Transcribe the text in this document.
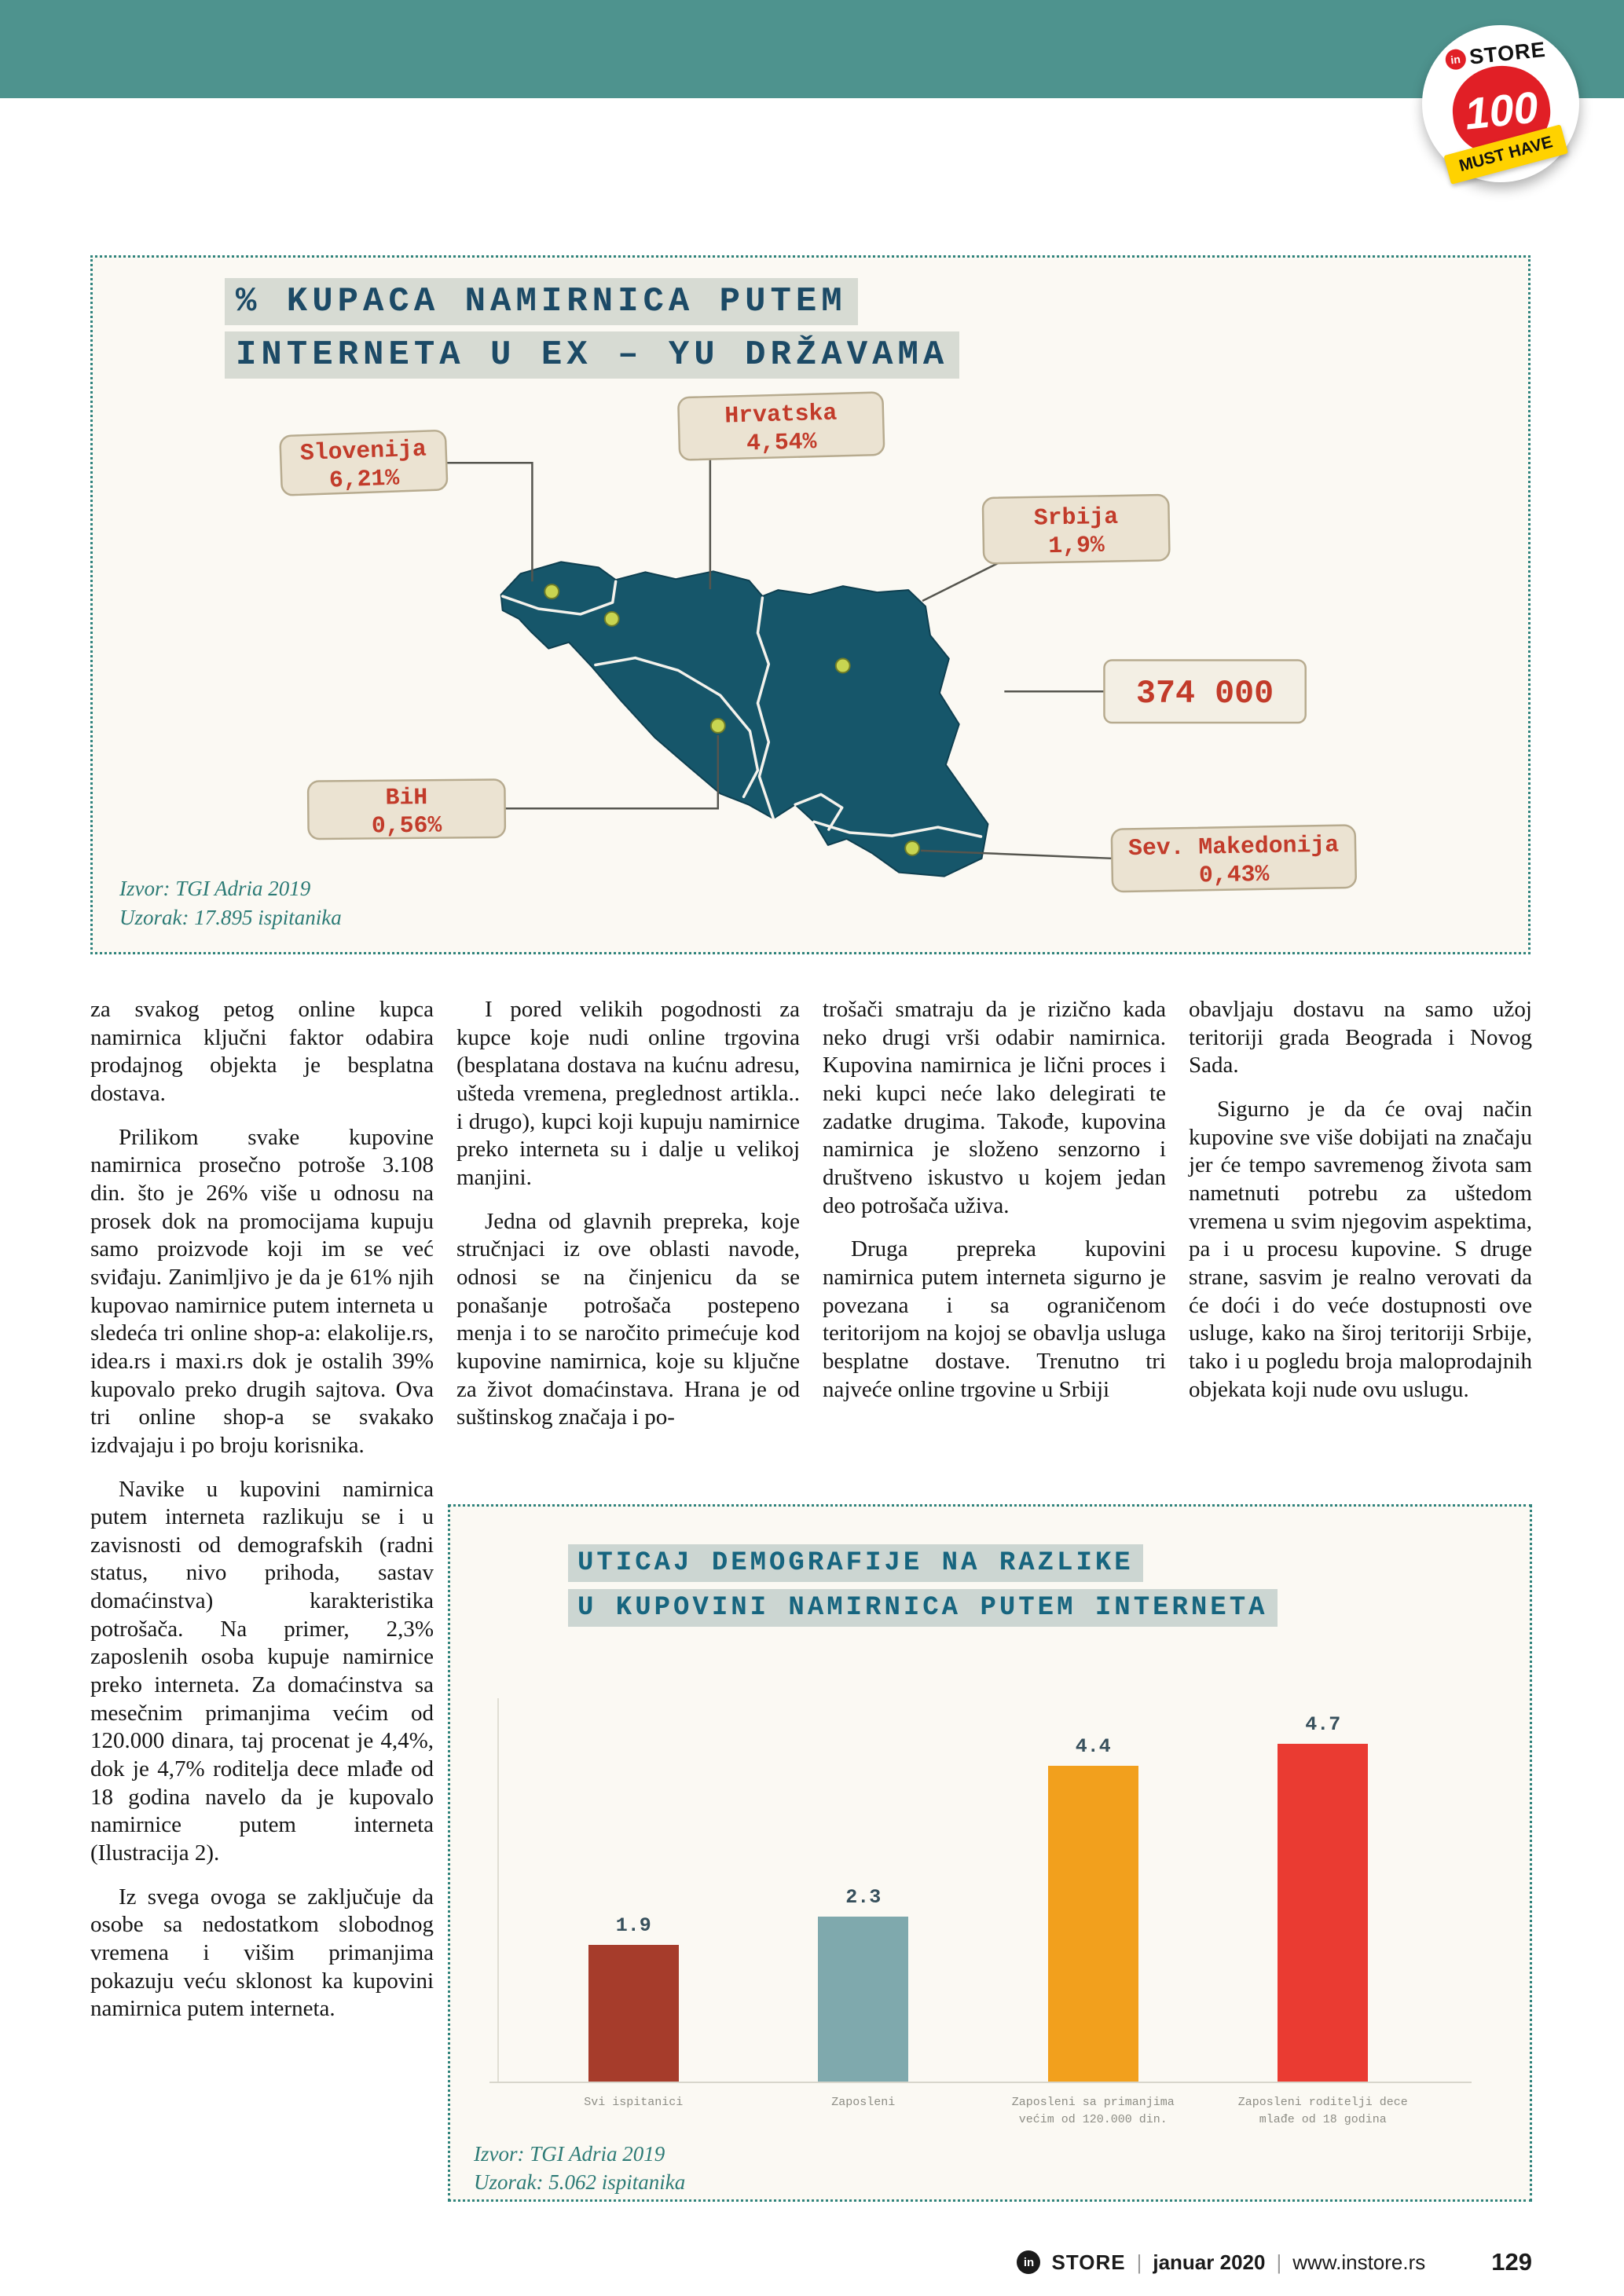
in STORE
100
MUST HAVE

za svakog petog online kupca namirnica ključni faktor odabira prodajnog objekta je besplatna dostava.

Prilikom svake kupovine namirnica prosečno potroše 3.108 din. što je 26% više u odnosu na prosek dok na promocijama kupuju samo proizvode koji im se već sviđaju. Zanimljivo je da je 61% njih kupovao namirnice putem interneta u sledeća tri online shop-a: elakolije.rs, idea.rs i maxi.rs dok je ostalih 39% kupovalo preko drugih sajtova. Ova tri online shop-a se svakako izdvajaju i po broju korisnika.

Navike u kupovini namirnica putem interneta razlikuju se i u zavisnosti od demografskih (radni status, nivo prihoda, sastav domaćinstva) karakteristika potrošača. Na primer, 2,3% zaposlenih osoba kupuje namirnice preko interneta. Za domaćinstva sa mesečnim primanjima većim od 120.000 dinara, taj procenat je 4,4%, dok je 4,7% roditelja dece mlađe od 18 godina navelo da je kupovalo namirnice putem interneta (Ilustracija 2).

Iz svega ovoga se zaključuje da osobe sa nedostatkom slobodnog vremena i višim primanjima pokazuju veću sklonost ka kupovini namirnica putem interneta.

I pored velikih pogodnosti za kupce koje nudi online trgovina (besplatana dostava na kućnu adresu, ušteda vremena, preglednost artikla.. i drugo), kupci koji kupuju namirnice preko interneta su i dalje u velikoj manjini.

Jedna od glavnih prepreka, koje stručnjaci iz ove oblasti navode, odnosi se na činjenicu da se ponašanje potrošača postepeno menja i to se naročito primećuje kod kupovine namirnica, koje su ključne za život domaćinstava. Hrana je od suštinskog značaja i po-

trošači smatraju da je rizično kada neko drugi vrši odabir namirnica. Kupovina namirnica je lični proces i neki kupci neće lako delegirati te zadatke drugima. Takođe, kupovina namirnica je složeno senzorno i društveno iskustvo u kojem jedan deo potrošača uživa.

Druga prepreka kupovini namirnica putem interneta sigurno je povezana i sa ograničenom teritorijom na kojoj se obavlja usluga besplatne dostave. Trenutno tri najveće online trgovine u Srbiji

obavljaju dostavu na samo užoj teritoriji grada Beograda i Novog Sada.

Sigurno je da će ovaj način kupovine sve više dobijati na značaju jer će tempo savremenog života sam nametnuti potrebu za uštedom vremena u svim njegovim aspektima, pa i u procesu kupovine. S druge strane, sasvim je realno verovati da će doći i do veće dostupnosti ove usluge, kako na široj teritoriji Srbije, tako i u pogledu broja maloprodajnih objekata koji nude ovu uslugu.

Slovenija
6,21%
Hrvatska
4,54%
Srbija
1,9%
374 000
BiH
0,56%
Sev. Makedonija
0,43%
% KUPACA NAMIRNICA PUTEM
INTERNETA U EX – YU DRŽAVAMA
Izvor: TGI Adria 2019
Uzorak: 17.895 ispitanika
UTICAJ DEMOGRAFIJE NA RAZLIKE
U KUPOVINI NAMIRNICA PUTEM INTERNETA
1.9
2.3
4.4
4.7
Svi ispitanici	Zaposleni	Zaposleni sa primanjima većim od 120.000 din.
Zaposleni roditelji dece mlađe od 18 godina
Izvor: TGI Adria 2019
Uzorak: 5.062 ispitanika
in STORE | januar 2020 | www.instore.rs	129
